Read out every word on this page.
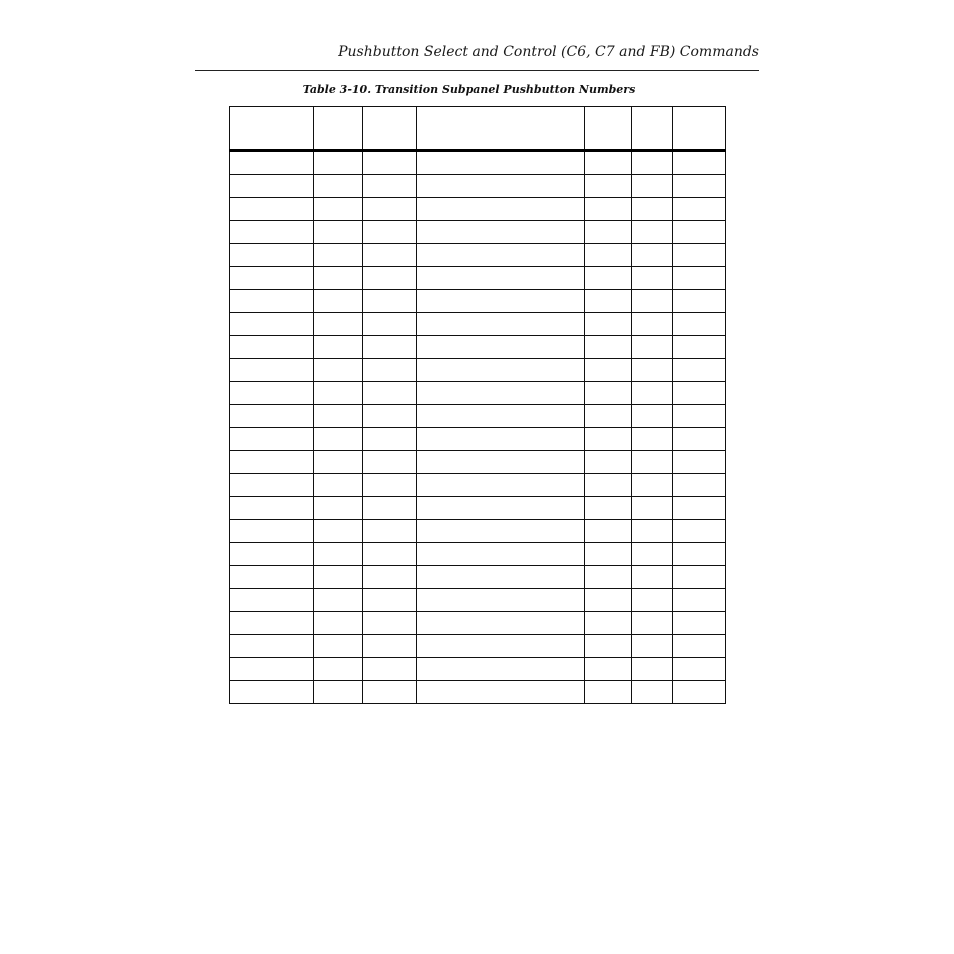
Pushbutton Select and Control (C6, C7 and FB) Commands
Table 3-10. Transition Subpanel Pushbutton Numbers
